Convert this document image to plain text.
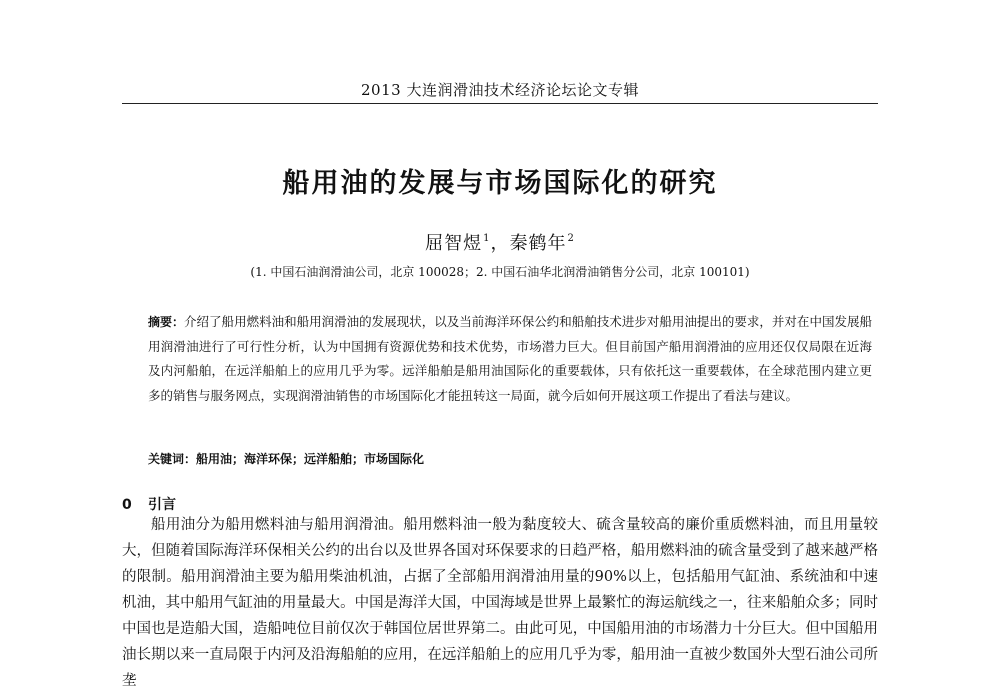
2013 大连润滑油技术经济论坛论文专辑
船用油的发展与市场国际化的研究
屈智煜$^1$，秦鹤年$^2$
(1. 中国石油润滑油公司，北京 100028；2. 中国石油华北润滑油销售分公司，北京 100101)
摘要：介绍了船用燃料油和船用润滑油的发展现状，以及当前海洋环保公约和船舶技术进步对船用油提出的要求，并对在中国发展船用润滑油进行了可行性分析，认为中国拥有资源优势和技术优势，市场潜力巨大。但目前国产船用润滑油的应用还仅仅局限在近海及内河船舶，在远洋船舶上的应用几乎为零。远洋船舶是船用油国际化的重要载体，只有依托这一重要载体，在全球范围内建立更多的销售与服务网点，实现润滑油销售的市场国际化才能扭转这一局面，就今后如何开展这项工作提出了看法与建议。
关键词：船用油；海洋环保；远洋船舶；市场国际化
0 引言
船用油分为船用燃料油与船用润滑油。船用燃料油一般为黏度较大、硫含量较高的廉价重质燃料油，而且用量较大，但随着国际海洋环保相关公约的出台以及世界各国对环保要求的日趋严格，船用燃料油的硫含量受到了越来越严格的限制。船用润滑油主要为船用柴油机油，占据了全部船用润滑油用量的90%以上，包括船用气缸油、系统油和中速机油，其中船用气缸油的用量最大。中国是海洋大国，中国海域是世界上最繁忙的海运航线之一，往来船舶众多；同时中国也是造船大国，造船吨位目前仅次于韩国位居世界第二。由此可见，中国船用油的市场潜力十分巨大。但中国船用油长期以来一直局限于内河及沿海船舶的应用，在远洋船舶上的应用几乎为零，船用油一直被少数国外大型石油公司所垄
